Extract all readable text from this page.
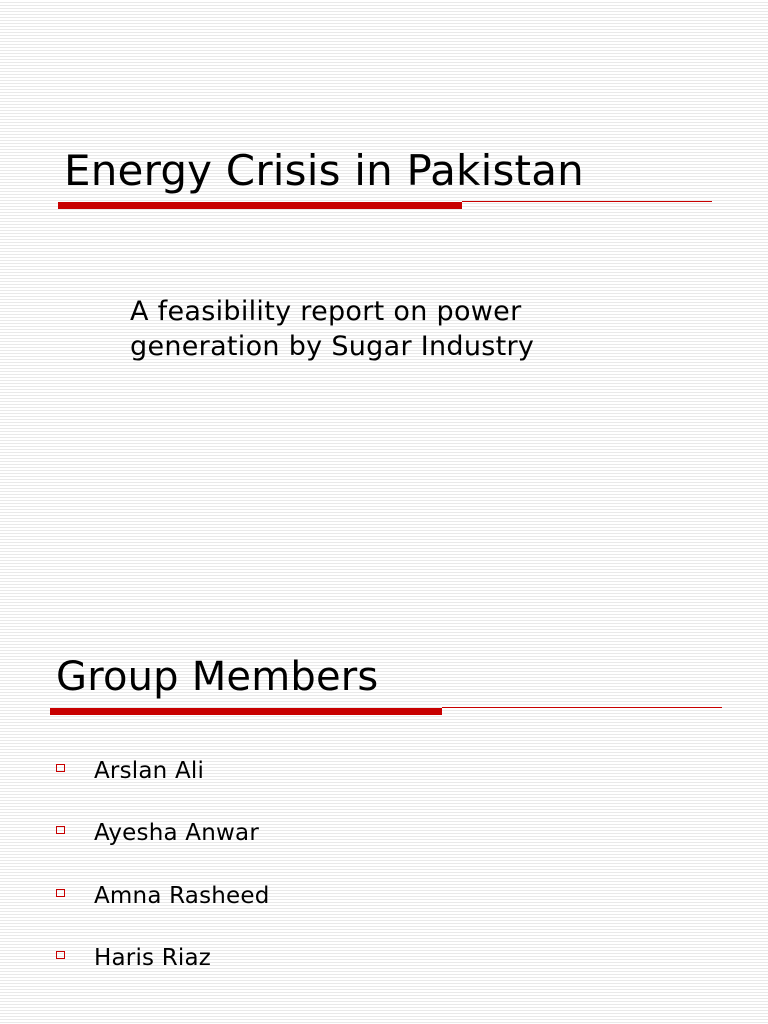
Energy Crisis in Pakistan

A feasibility report on power
generation by Sugar Industry

Group Members
Arslan Ali
Ayesha Anwar
Amna Rasheed
Haris Riaz
